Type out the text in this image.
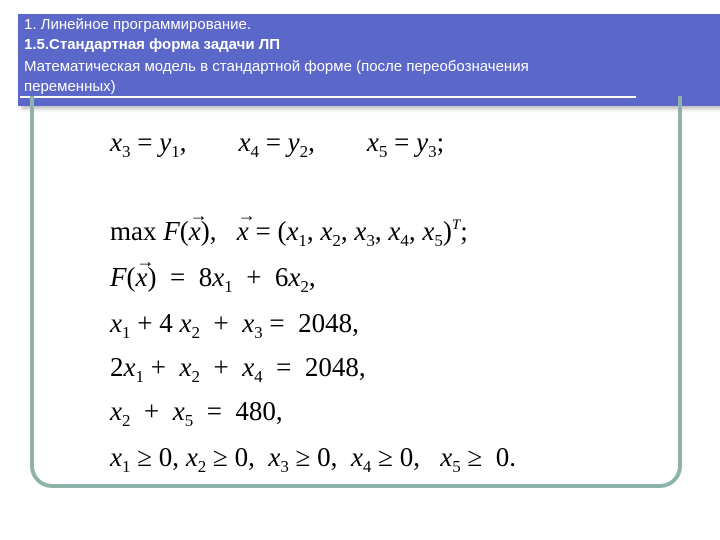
1. Линейное программирование.
1.5.Стандартная форма задачи ЛП
Математическая модель в стандартной форме (после переобозначения
переменных)
$x_3 = y_1$, $x_4 = y_2$, $x_5 = y_3$;
max F(→ x),   → $x = (x_1$, $x_2$, $x_3$, $x_4$, $x_5)^T$;
$F(\to x) = 8x_1 + 6x_2$,
$x_1 + 4$ $x_2 + x_3 = 2048$,
$2x_1 + x_2 + x_4 = 2048$,
$x_2 + x_5 = 480$,
$x_1 \ge 0$, $x_2 \ge 0$,  $x_3 \ge 0$,  $x_4 \ge 0$,   $x_5 \ge 0$.
